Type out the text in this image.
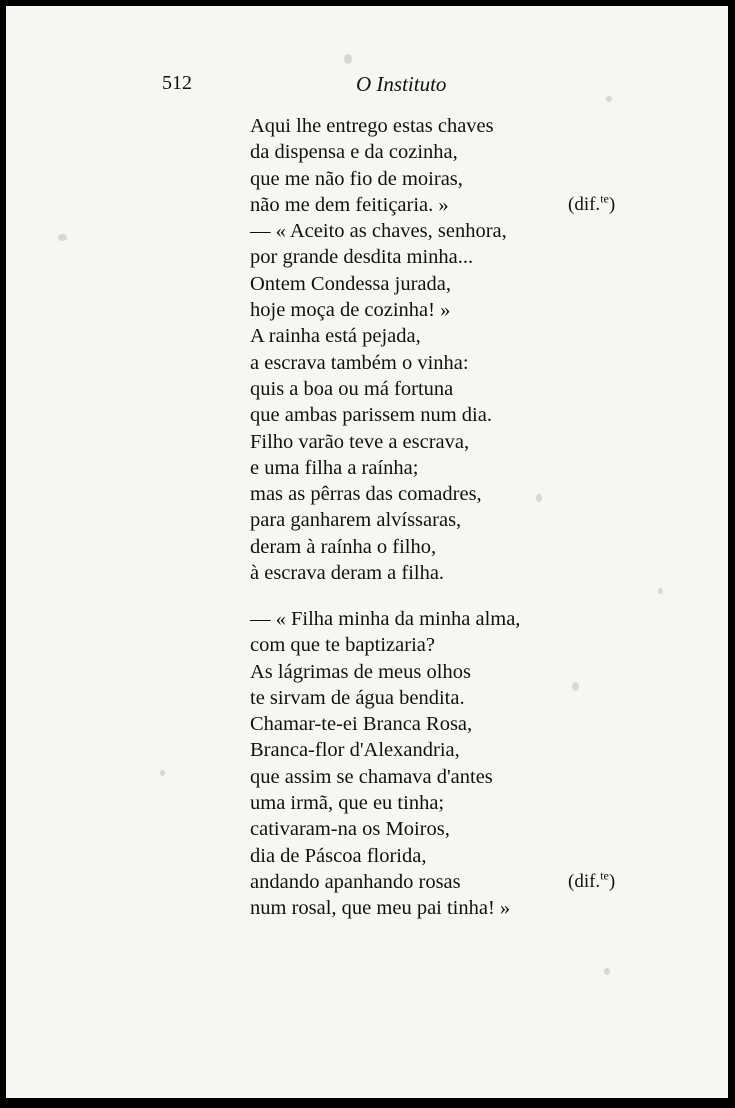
512	O Instituto
Aqui lhe entrego estas chaves
da dispensa e da cozinha,
que me não fio de moiras,
não me dem feitiçaria. »	(dif.$^{te}$)
— « Aceito as chaves, senhora,
por grande desdita minha...
Ontem Condessa jurada,
hoje moça de cozinha! »
A rainha está pejada,
a escrava também o vinha:
quis a boa ou má fortuna
que ambas parissem num dia.
Filho varão teve a escrava,
e uma filha a raínha;
mas as pêrras das comadres,
para ganharem alvíssaras,
deram à raínha o filho,
à escrava deram a filha.
— « Filha minha da minha alma,
com que te baptizaria?
As lágrimas de meus olhos
te sirvam de água bendita.
Chamar-te-ei Branca Rosa,
Branca-flor d'Alexandria,
que assim se chamava d'antes
uma irmã, que eu tinha;
cativaram-na os Moiros,
dia de Páscoa florida,
andando apanhando rosas	(dif.$^{te}$)
num rosal, que meu pai tinha! »
